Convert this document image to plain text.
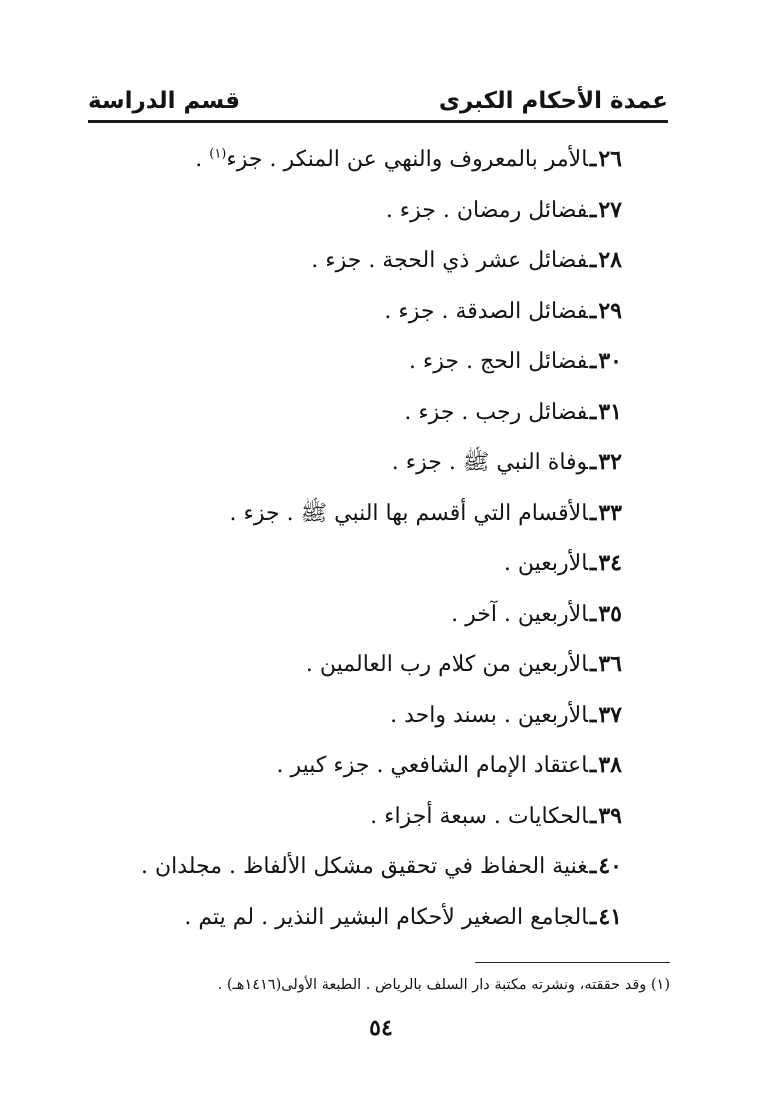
عمدة الأحكام الكبرى
قسم الدراسة
٢٦ـالأمر بالمعروف والنهي عن المنكر . جزء$^{(١)}$ .
٢٧ـفضائل رمضان . جزء .
٢٨ـفضائل عشر ذي الحجة . جزء .
٢٩ـفضائل الصدقة . جزء .
٣٠ـفضائل الحج . جزء .
٣١ـفضائل رجب . جزء .
٣٢ـوفاة النبي ﷺ . جزء .
٣٣ـالأقسام التي أقسم بها النبي ﷺ . جزء .
٣٤ـالأربعين .
٣٥ـالأربعين . آخر .
٣٦ـالأربعين من كلام رب العالمين .
٣٧ـالأربعين . بسند واحد .
٣٨ـاعتقاد الإمام الشافعي . جزء كبير .
٣٩ـالحكايات . سبعة أجزاء .
٤٠ـغنية الحفاظ في تحقيق مشكل الألفاظ . مجلدان .
٤١ـالجامع الصغير لأحكام البشير النذير . لم يتم .
(١) وقد حققته، ونشرته مكتبة دار السلف بالرياض . الطبعة الأولى(١٤١٦هـ) .
٥٤
